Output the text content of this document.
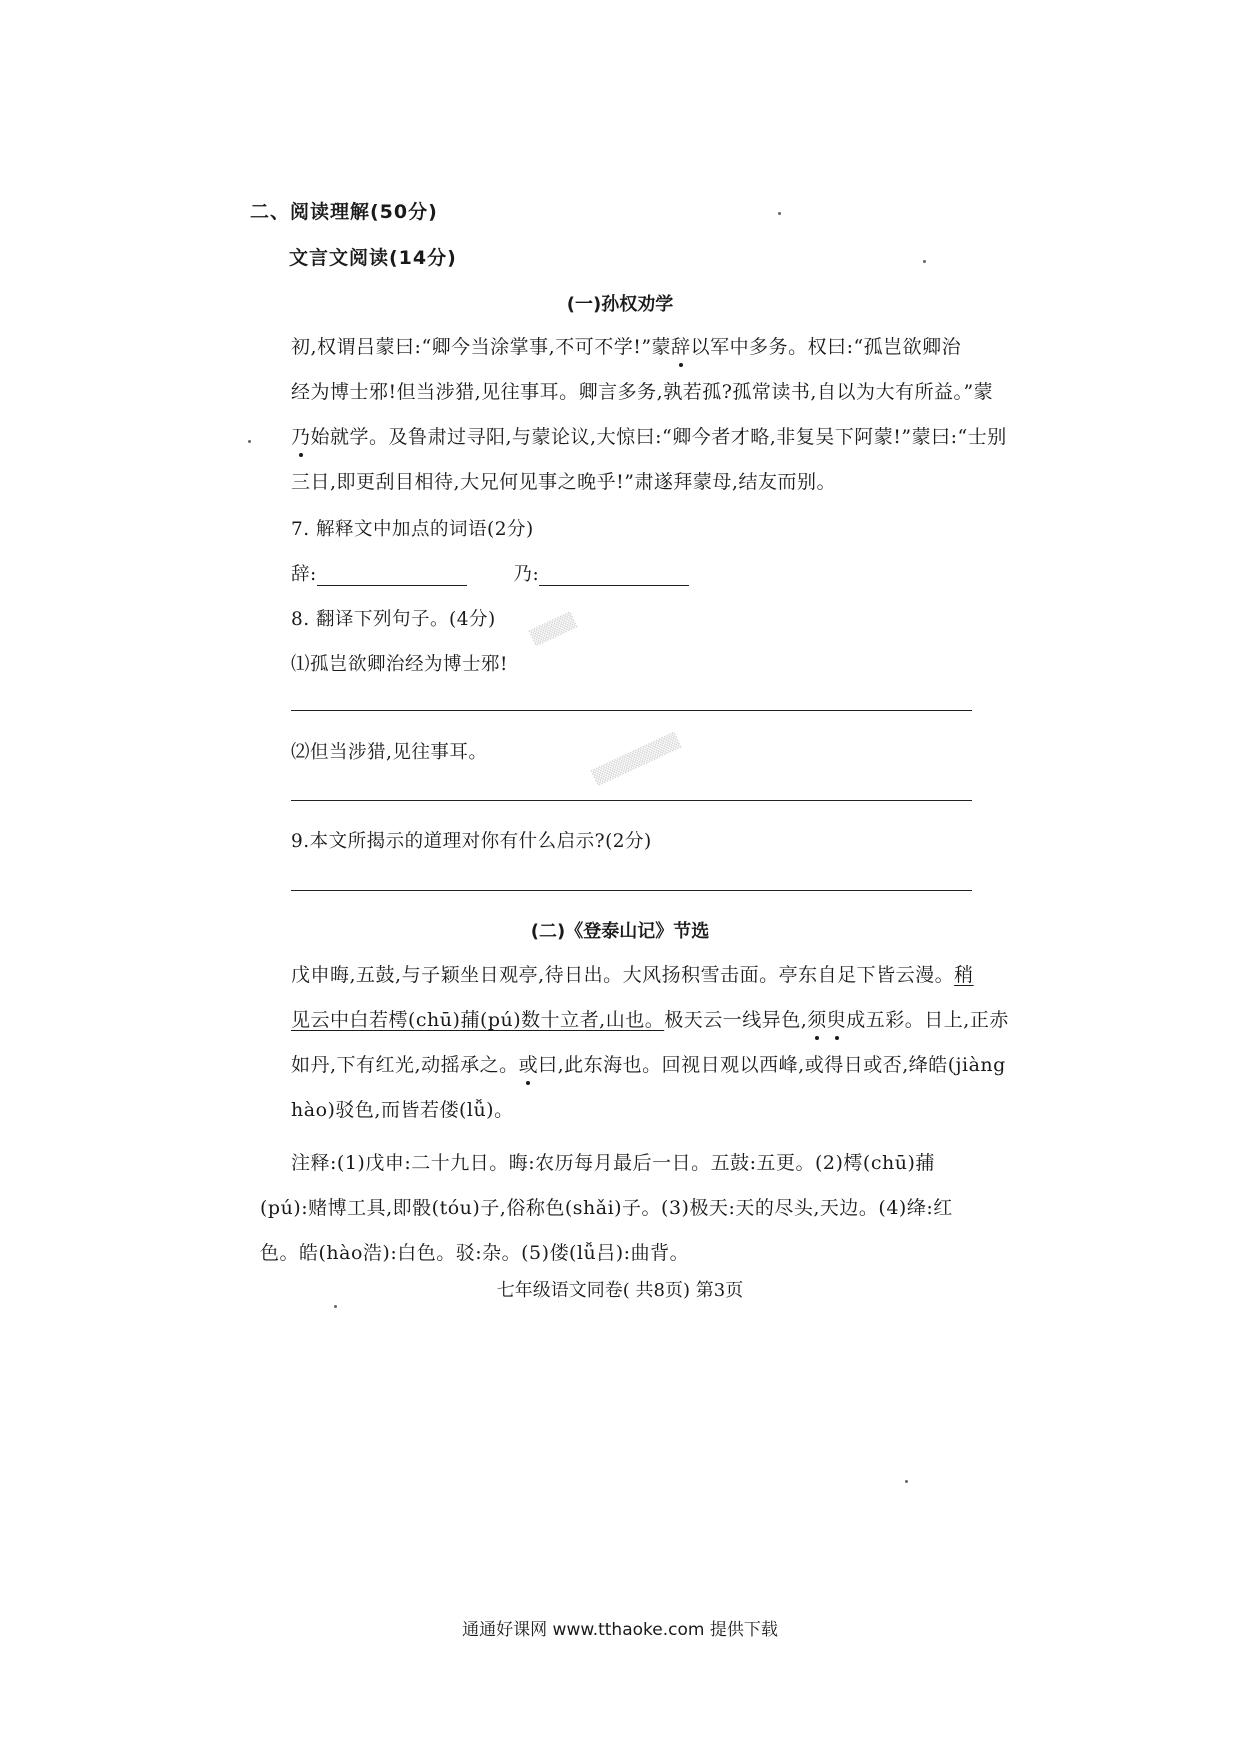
▒▒▒▒
▒▒▒▒▒▒▒▒
二、阅读理解(50分)
文言文阅读(14分)
(一)孙权劝学
初,权谓吕蒙曰:“卿今当涂掌事,不可不学!”蒙辞以军中多务。权曰:“孤岂欲卿治
经为博士邪!但当涉猎,见往事耳。卿言多务,孰若孤?孤常读书,自以为大有所益。”蒙
乃始就学。及鲁肃过寻阳,与蒙论议,大惊曰:“卿今者才略,非复吴下阿蒙!”蒙曰:“士别
三日,即更刮目相待,大兄何见事之晚乎!”肃遂拜蒙母,结友而别。
7. 解释文中加点的词语(2分)
辞:	乃:
8. 翻译下列句子。(4分)
⑴孤岂欲卿治经为博士邪!
⑵但当涉猎,见往事耳。
9.本文所揭示的道理对你有什么启示?(2分)
(二)《登泰山记》节选
戊申晦,五鼓,与子颖坐日观亭,待日出。大风扬积雪击面。亭东自足下皆云漫。稍
见云中白若樗(chū)蒱(pú)数十立者,山也。极天云一线异色,须臾成五彩。日上,正赤
如丹,下有红光,动摇承之。或曰,此东海也。回视日观以西峰,或得日或否,绛皓(jiàng
hào)驳色,而皆若偻(lǚ)。
注释:(1)戊申:二十九日。晦:农历每月最后一日。五鼓:五更。(2)樗(chū)蒱
(pú):赌博工具,即骰(tóu)子,俗称色(shǎi)子。(3)极天:天的尽头,天边。(4)绛:红
色。皓(hào浩):白色。驳:杂。(5)偻(lǚ吕):曲背。
七年级语文同卷( 共8页) 第3页
通通好课网 www.tthaoke.com 提供下载
